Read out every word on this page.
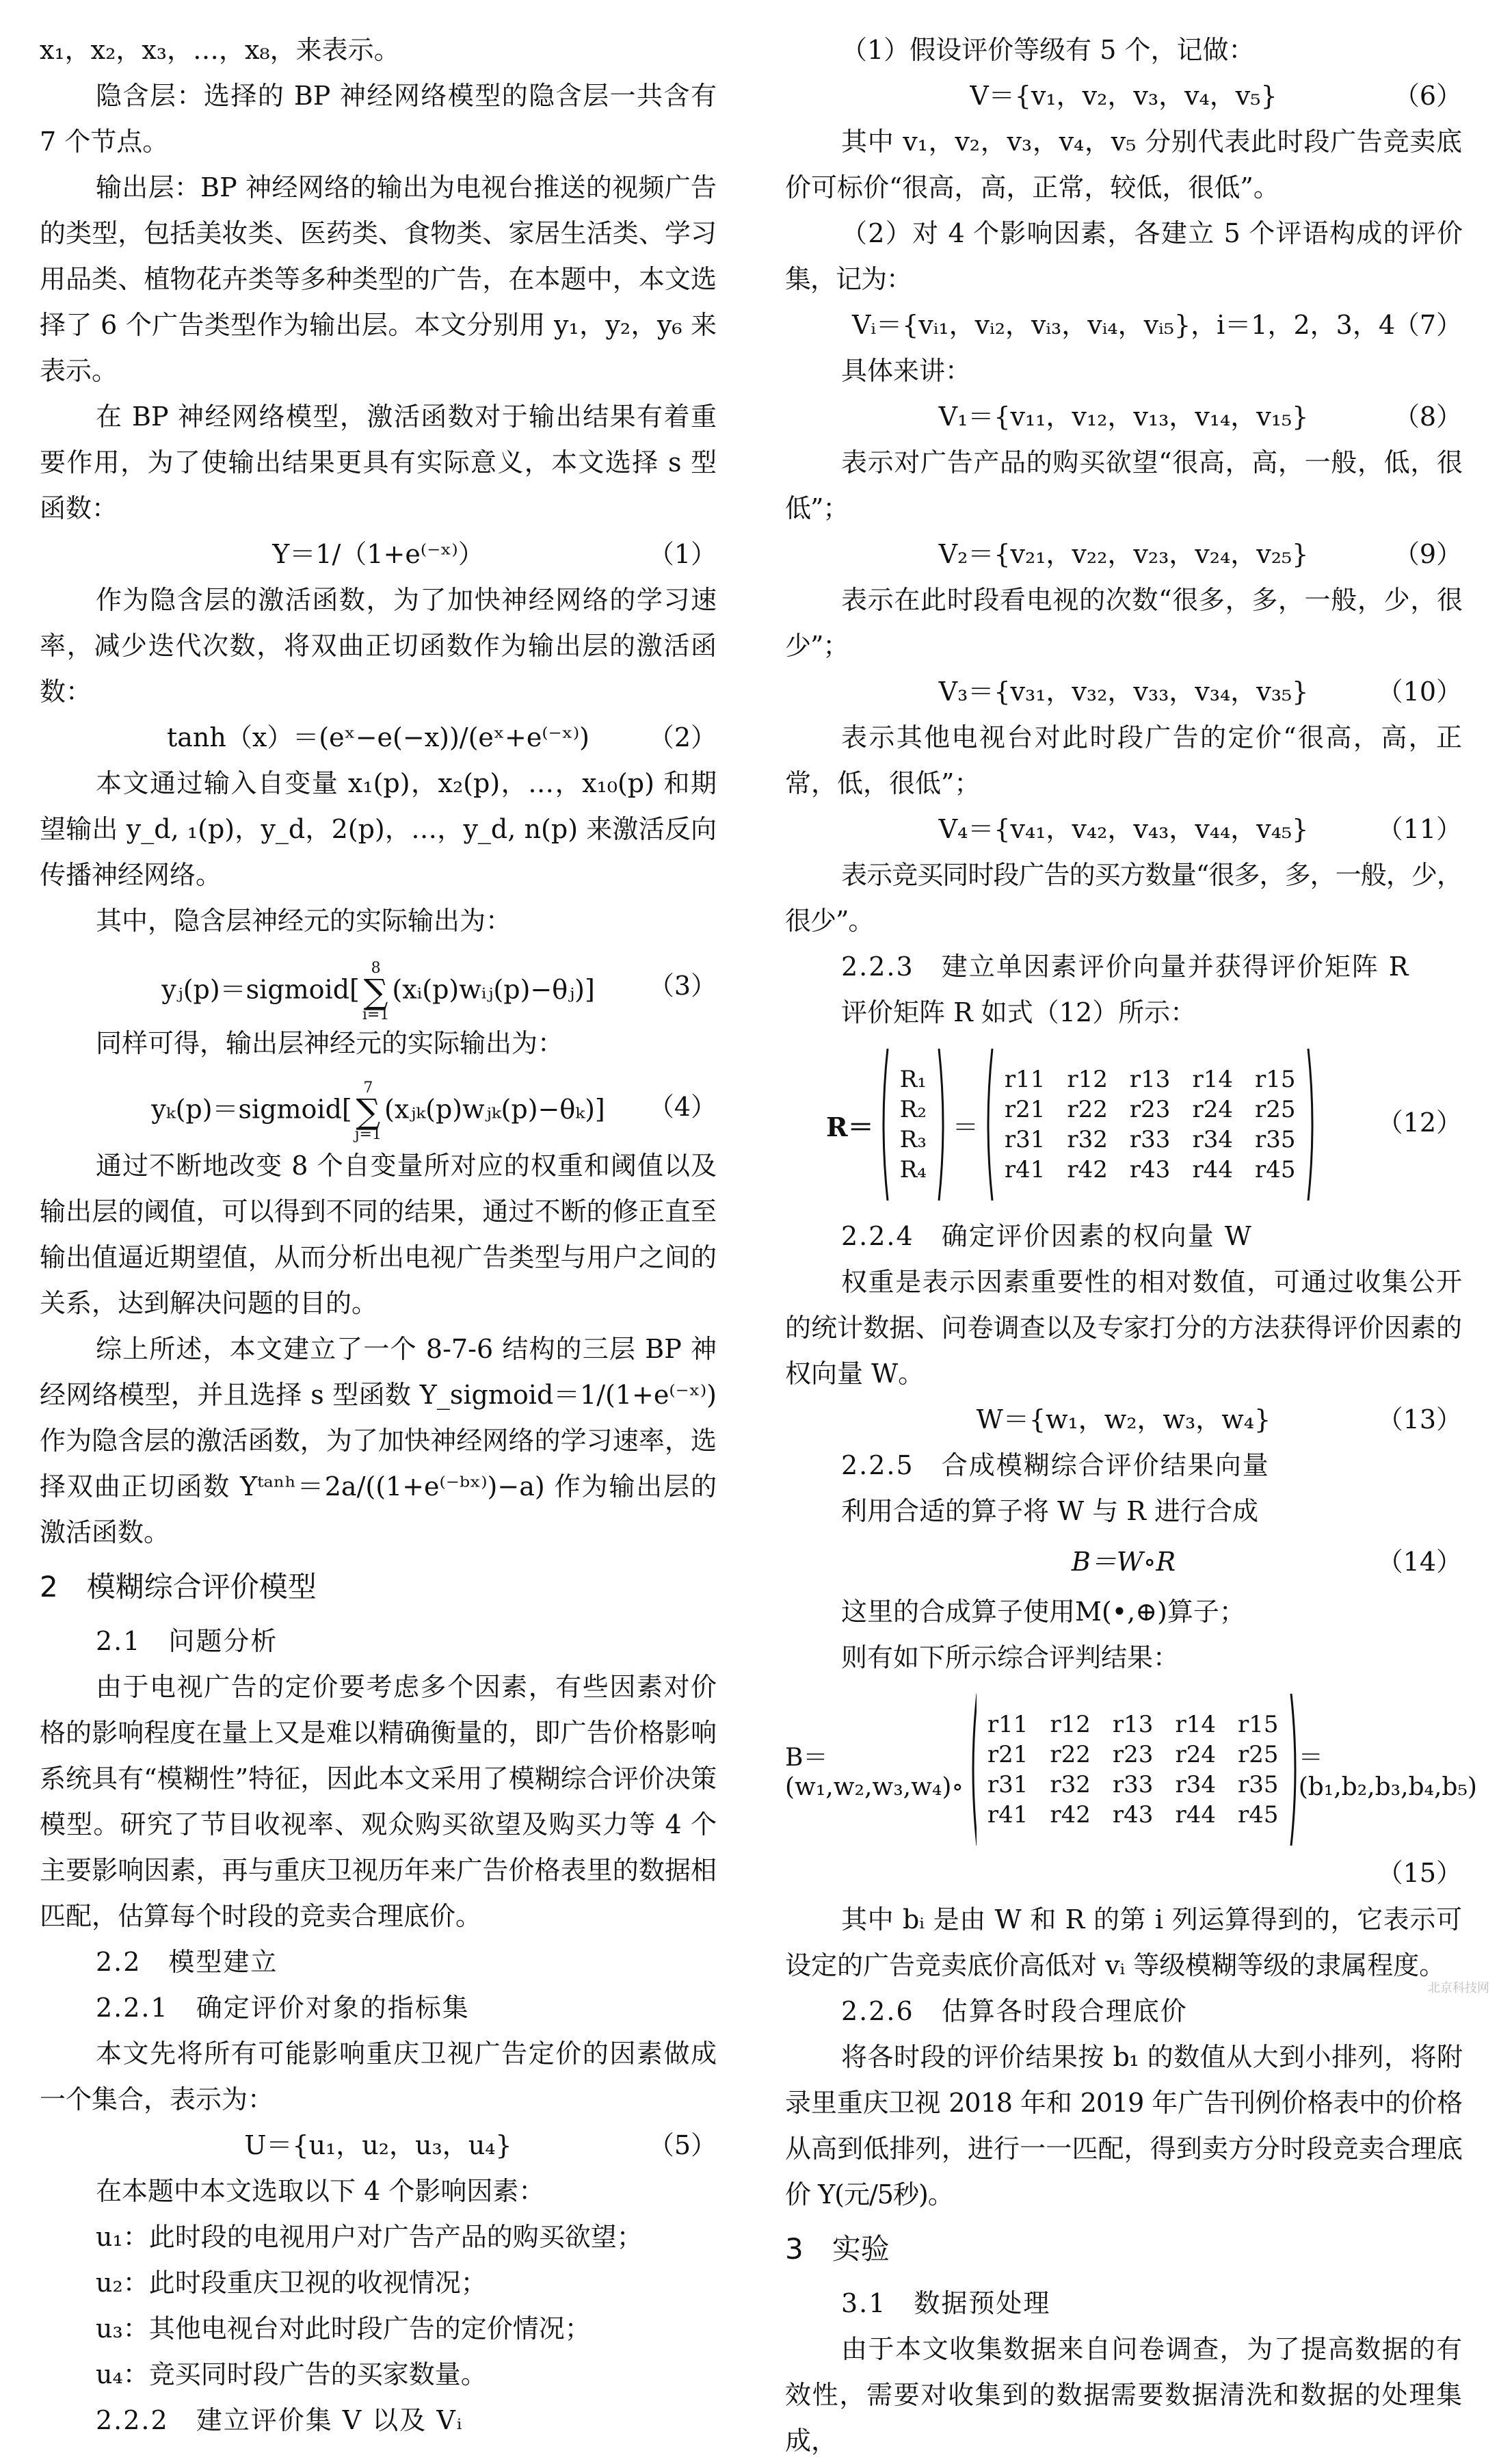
x₁，x₂，x₃，…，x₈，来表示。

隐含层：选择的 BP 神经网络模型的隐含层一共含有 7 个节点。

输出层：BP 神经网络的输出为电视台推送的视频广告的类型，包括美妆类、医药类、食物类、家居生活类、学习用品类、植物花卉类等多种类型的广告，在本题中，本文选择了 6 个广告类型作为输出层。本文分别用 y₁，y₂，y₆ 来表示。

在 BP 神经网络模型，激活函数对于输出结果有着重要作用，为了使输出结果更具有实际意义，本文选择 s 型函数：

Y＝1/（1+e⁽⁻ˣ⁾）	（1）

作为隐含层的激活函数，为了加快神经网络的学习速率，减少迭代次数，将双曲正切函数作为输出层的激活函数：

tanh（x）＝(eˣ−e(−x))/(eˣ+e⁽⁻ˣ⁾)	（2）

本文通过输入自变量 x₁(p)，x₂(p)，…，x₁₀(p) 和期望输出 y_d, ₁(p)，y_d，2(p)，…，y_d, n(p) 来激活反向传播神经网络。

其中，隐含层神经元的实际输出为：

yⱼ(p)＝sigmoid[
8
∑
i=1
(xᵢ(p)wᵢⱼ(p)−θⱼ)]	（3）

同样可得，输出层神经元的实际输出为：

yₖ(p)＝sigmoid[
7
∑
j=1
(xⱼₖ(p)wⱼₖ(p)−θₖ)]	（4）

通过不断地改变 8 个自变量所对应的权重和阈值以及输出层的阈值，可以得到不同的结果，通过不断的修正直至输出值逼近期望值，从而分析出电视广告类型与用户之间的关系，达到解决问题的目的。

综上所述，本文建立了一个 8-7-6 结构的三层 BP 神经网络模型，并且选择 s 型函数 Y_sigmoid＝1/(1+e⁽⁻ˣ⁾) 作为隐含层的激活函数，为了加快神经网络的学习速率，选择双曲正切函数 Yᵗᵃⁿʰ＝2a/((1+e⁽⁻ᵇˣ⁾)−a) 作为输出层的激活函数。

2　模糊综合评价模型
2.1　问题分析

由于电视广告的定价要考虑多个因素，有些因素对价格的影响程度在量上又是难以精确衡量的，即广告价格影响系统具有“模糊性”特征，因此本文采用了模糊综合评价决策模型。研究了节目收视率、观众购买欲望及购买力等 4 个主要影响因素，再与重庆卫视历年来广告价格表里的数据相匹配，估算每个时段的竞卖合理底价。

2.2　模型建立
2.2.1　确定评价对象的指标集

本文先将所有可能影响重庆卫视广告定价的因素做成一个集合，表示为：

U＝{u₁，u₂，u₃，u₄}	（5）

在本题中本文选取以下 4 个影响因素：

u₁：此时段的电视用户对广告产品的购买欲望；

u₂：此时段重庆卫视的收视情况；

u₃：其他电视台对此时段广告的定价情况；

u₄：竞买同时段广告的买家数量。

2.2.2　建立评价集 V 以及 Vᵢ

（1）假设评价等级有 5 个，记做：

V＝{v₁，v₂，v₃，v₄，v₅}	（6）

其中 v₁，v₂，v₃，v₄，v₅ 分别代表此时段广告竞卖底价可标价“很高，高，正常，较低，很低”。

（2）对 4 个影响因素，各建立 5 个评语构成的评价集，记为：

Vᵢ＝{vᵢ₁，vᵢ₂，vᵢ₃，vᵢ₄，vᵢ₅}，i＝1，2，3，4
（7）

具体来讲：

V₁＝{v₁₁，v₁₂，v₁₃，v₁₄，v₁₅}	（8）

表示对广告产品的购买欲望“很高，高，一般，低，很低”；

V₂＝{v₂₁，v₂₂，v₂₃，v₂₄，v₂₅}	（9）

表示在此时段看电视的次数“很多，多，一般，少，很少”；

V₃＝{v₃₁，v₃₂，v₃₃，v₃₄，v₃₅}	（10）

表示其他电视台对此时段广告的定价“很高，高，正常，低，很低”；

V₄＝{v₄₁，v₄₂，v₄₃，v₄₄，v₄₅}	（11）

表示竞买同时段广告的买方数量“很多，多，一般，少，很少”。

2.2.3　建立单因素评价向量并获得评价矩阵 R

评价矩阵 R 如式（12）所示：

R＝
R₁
R₂
R₃
R₄
＝
r11	r12	r13	r14	r15
r21	r22	r23	r24	r25
r31	r32	r33	r34	r35
r41	r42	r43	r44	r45
（12）
2.2.4　确定评价因素的权向量 W

权重是表示因素重要性的相对数值，可通过收集公开的统计数据、问卷调查以及专家打分的方法获得评价因素的权向量 W。

W＝{w₁，w₂，w₃，w₄}	（13）
2.2.5　合成模糊综合评价结果向量

利用合适的算子将 W 与 R 进行合成

B＝W∘R	（14）

这里的合成算子使用M(•,⊕)算子；

则有如下所示综合评判结果：

B＝(w₁,w₂,w₃,w₄)∘
r11	r12	r13	r14	r15
r21	r22	r23	r24	r25
r31	r32	r33	r34	r35
r41	r42	r43	r44	r45
＝(b₁,b₂,b₃,b₄,b₅)
（15）

其中 bᵢ 是由 W 和 R 的第 i 列运算得到的，它表示可设定的广告竞卖底价高低对 vᵢ 等级模糊等级的隶属程度。

2.2.6　估算各时段合理底价

将各时段的评价结果按 b₁ 的数值从大到小排列，将附录里重庆卫视 2018 年和 2019 年广告刊例价格表中的价格从高到低排列，进行一一匹配，得到卖方分时段竞卖合理底价 Y(元/5秒)。

3　实验
3.1　数据预处理

由于本文收集数据来自问卷调查，为了提高数据的有效性，需要对收集到的数据需要数据清洗和数据的处理集成，

北京科技网
